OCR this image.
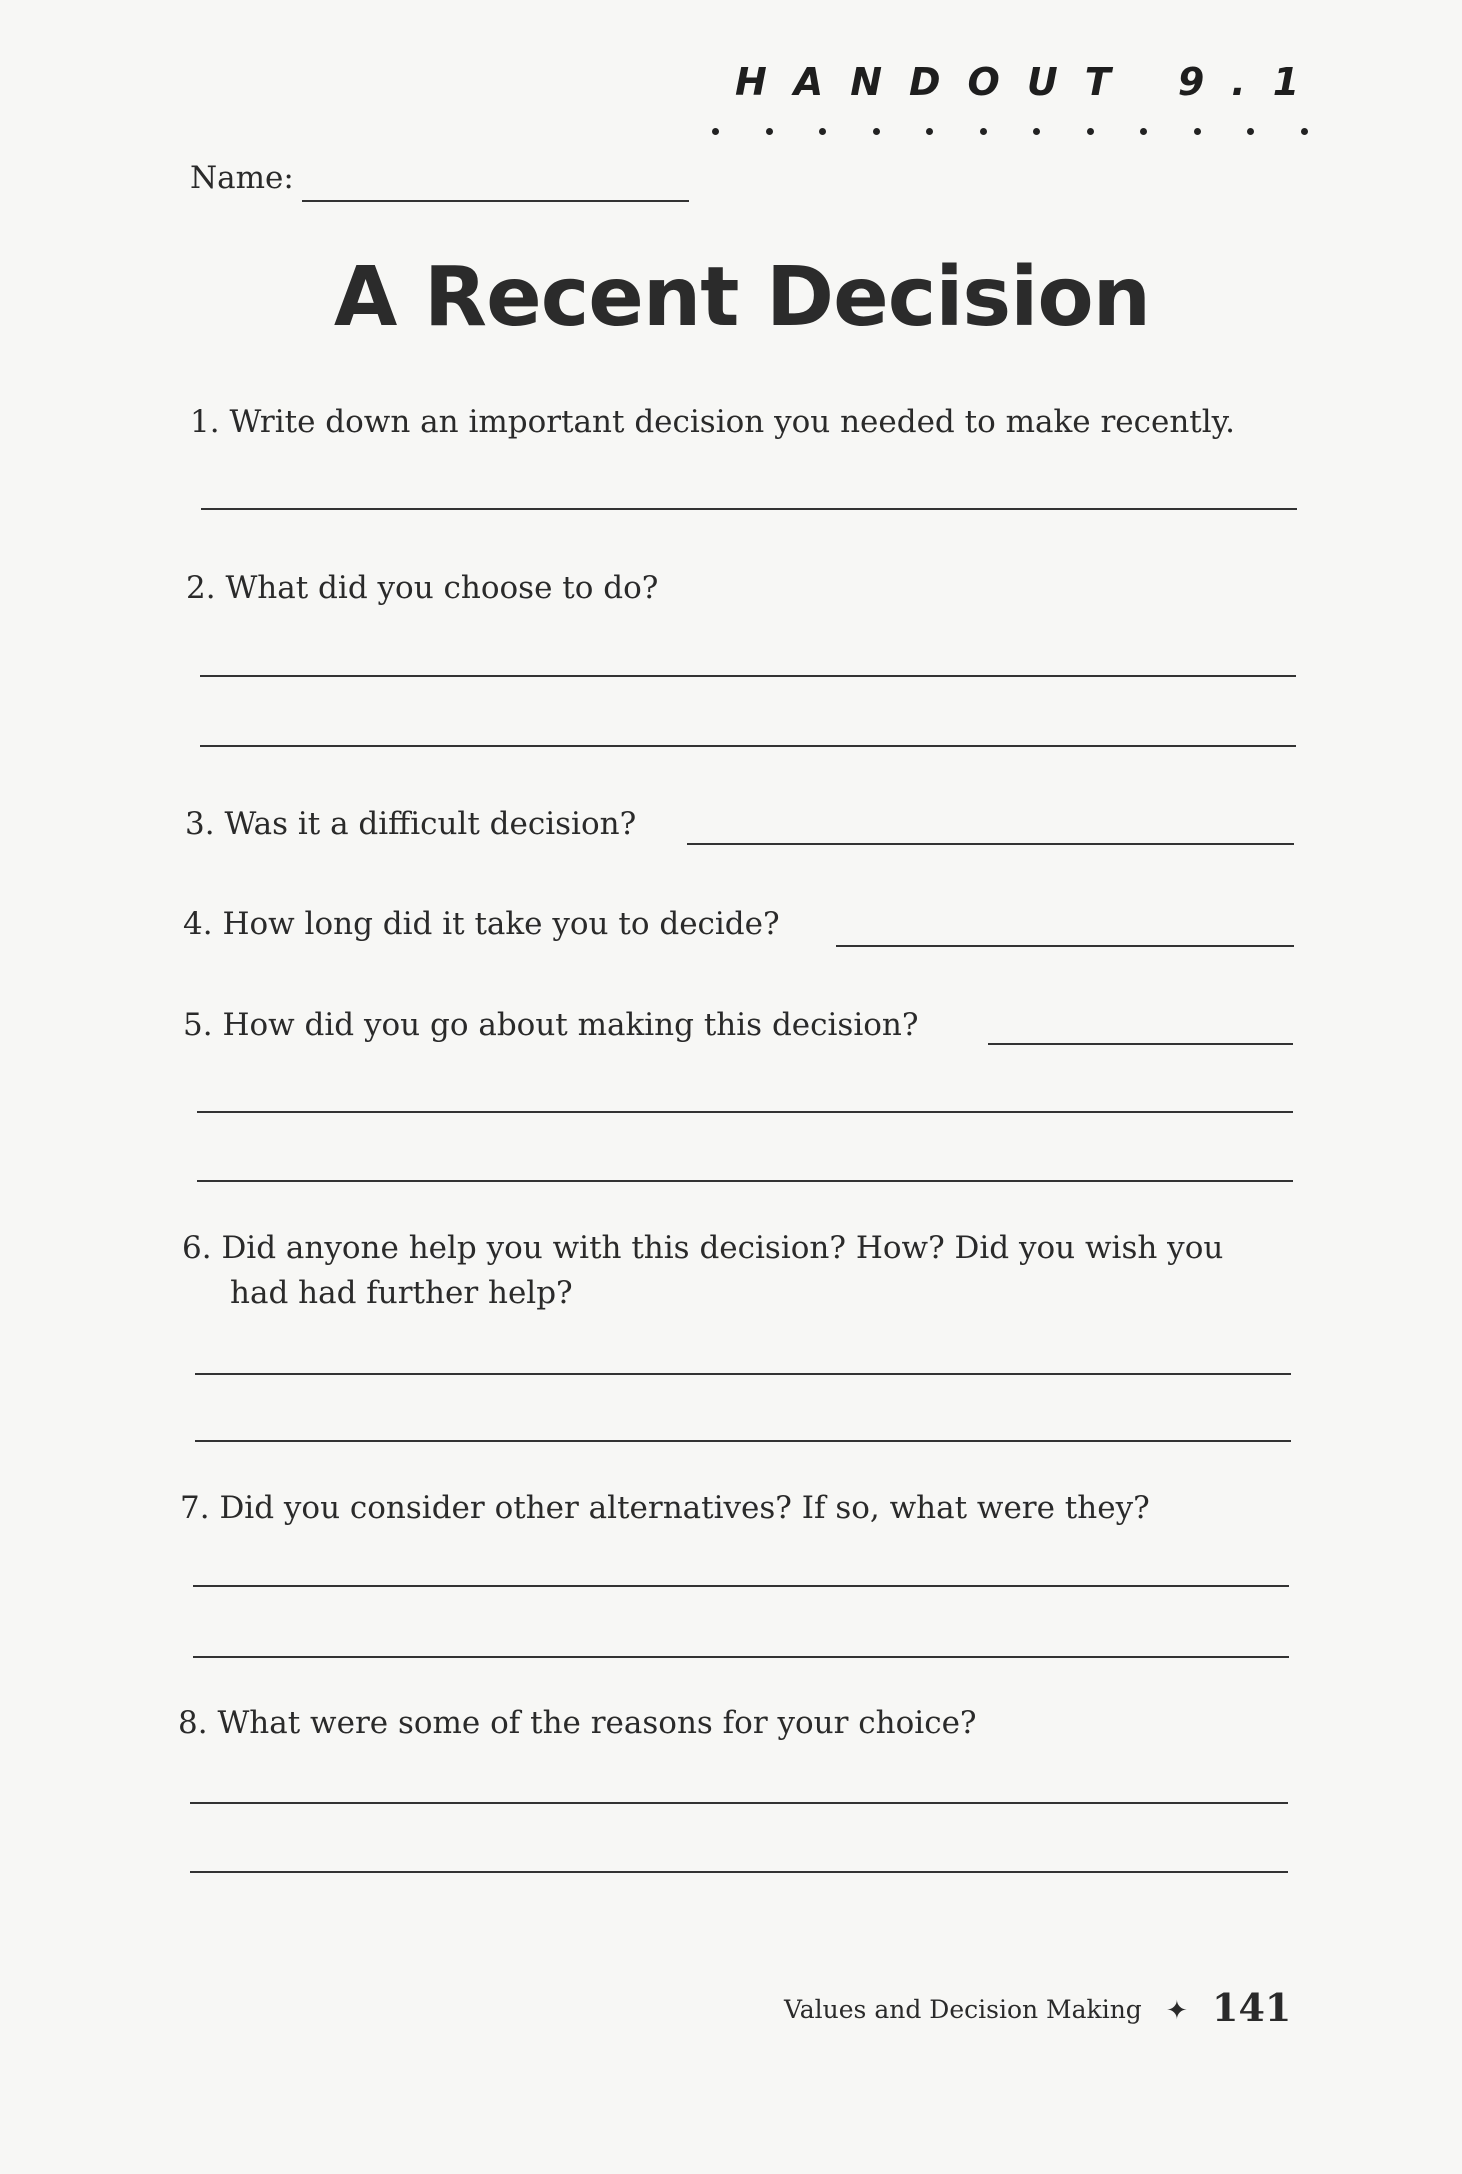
HANDOUT 9.1
Name:
A Recent Decision
1. Write down an important decision you needed to make recently.
2. What did you choose to do?
3. Was it a difficult decision?
4. How long did it take you to decide?
5. How did you go about making this decision?
6. Did anyone help you with this decision? How? Did you wish you
had had further help?
7. Did you consider other alternatives? If so, what were they?
8. What were some of the reasons for your choice?
Values and Decision Making ✦ 141
